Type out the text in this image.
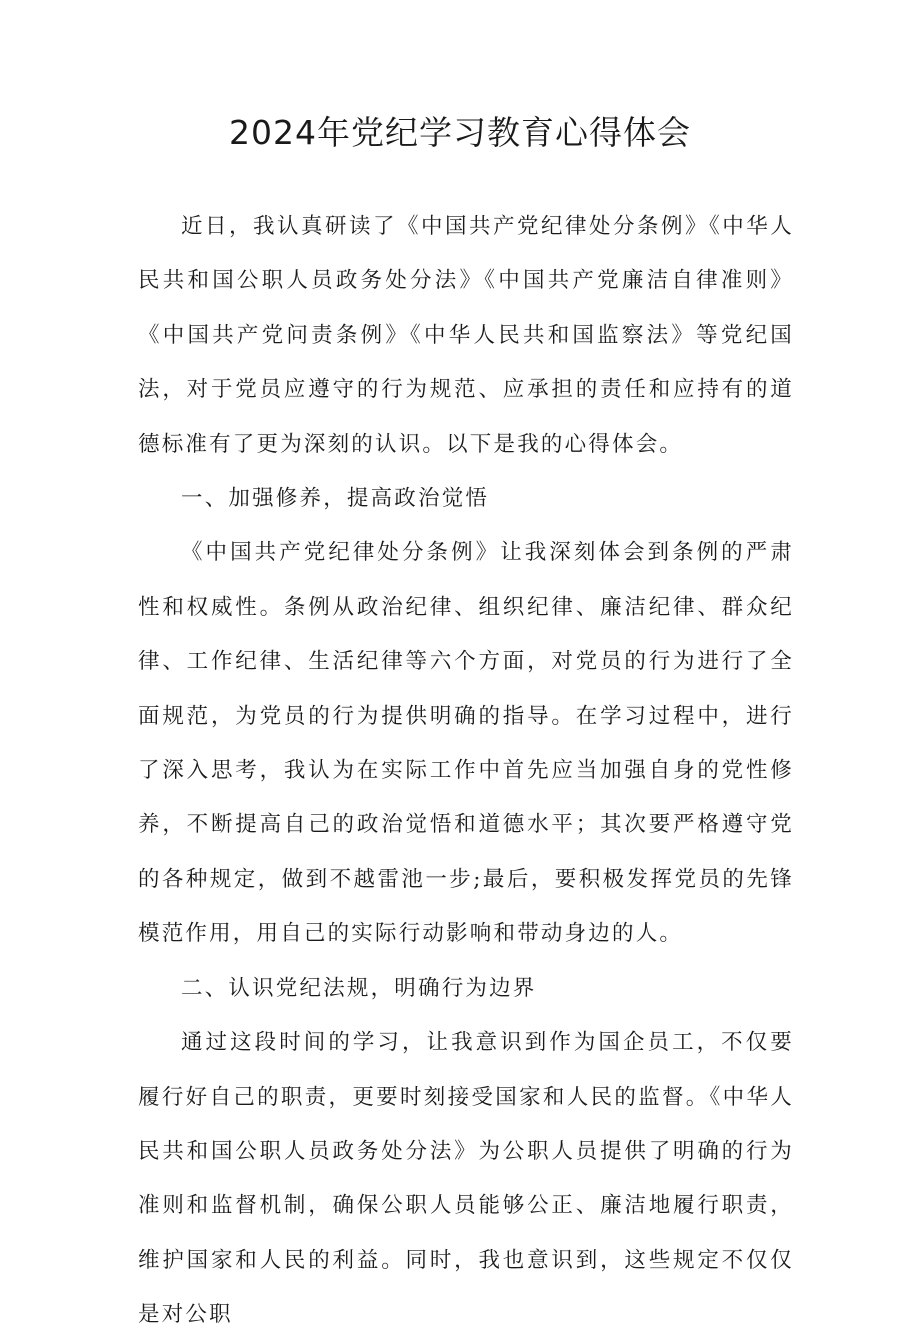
2024年党纪学习教育心得体会

近日，我认真研读了《中国共产党纪律处分条例》《中华人民共和国公职人员政务处分法》《中国共产党廉洁自律准则》《中国共产党问责条例》《中华人民共和国监察法》等党纪国法，对于党员应遵守的行为规范、应承担的责任和应持有的道德标准有了更为深刻的认识。以下是我的心得体会。

一、加强修养，提高政治觉悟

《中国共产党纪律处分条例》让我深刻体会到条例的严肃性和权威性。条例从政治纪律、组织纪律、廉洁纪律、群众纪律、工作纪律、生活纪律等六个方面，对党员的行为进行了全面规范，为党员的行为提供明确的指导。在学习过程中，进行了深入思考，我认为在实际工作中首先应当加强自身的党性修养，不断提高自己的政治觉悟和道德水平；其次要严格遵守党的各种规定，做到不越雷池一步;最后，要积极发挥党员的先锋模范作用，用自己的实际行动影响和带动身边的人。

二、认识党纪法规，明确行为边界

通过这段时间的学习，让我意识到作为国企员工，不仅要履行好自己的职责，更要时刻接受国家和人民的监督。《中华人民共和国公职人员政务处分法》为公职人员提供了明确的行为准则和监督机制，确保公职人员能够公正、廉洁地履行职责，维护国家和人民的利益。同时，我也意识到，这些规定不仅仅是对公职
